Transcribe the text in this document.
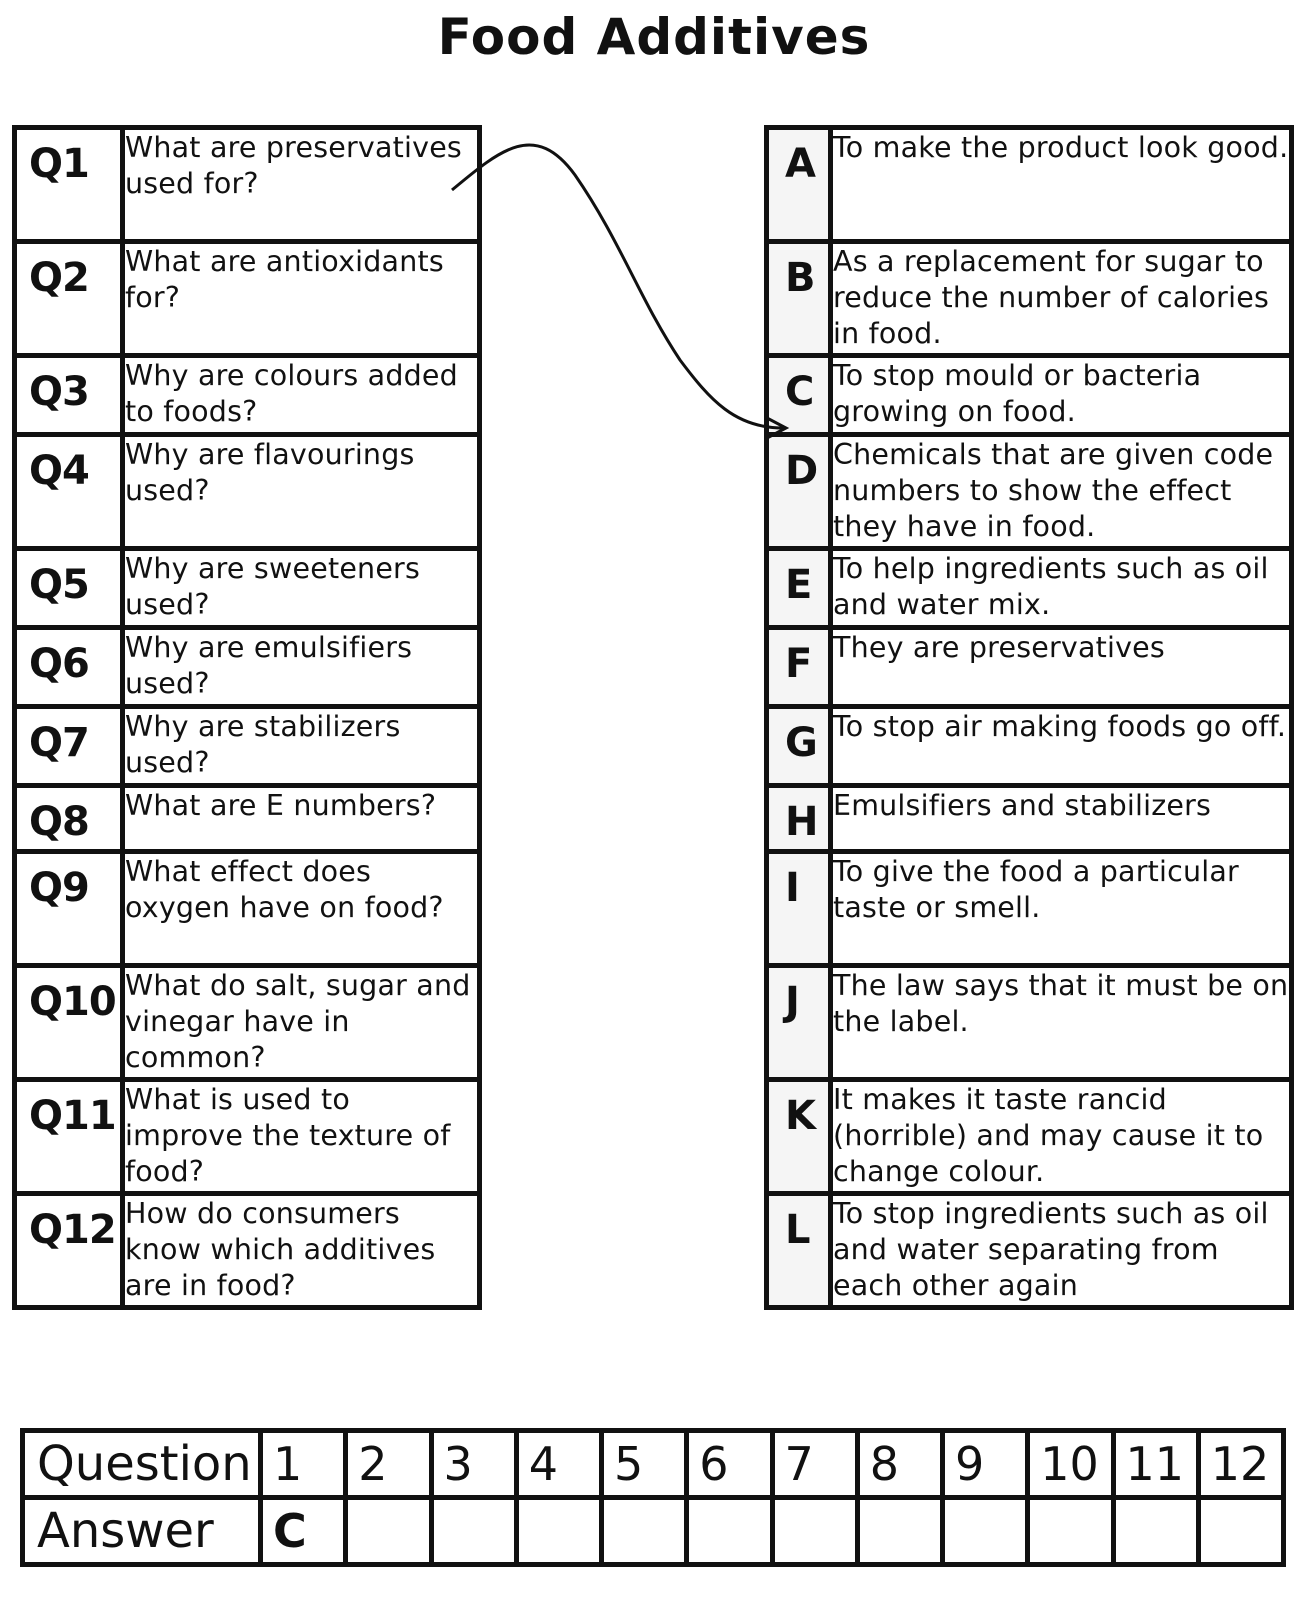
Food Additives
Q1	What are preservatives used for?
Q2	What are antioxidants for?
Q3	Why are colours added to foods?
Q4	Why are flavourings used?
Q5	Why are sweeteners used?
Q6	Why are emulsifiers used?
Q7	Why are stabilizers used?
Q8	What are E numbers?
Q9	What effect does oxygen have on food?
Q10	What do salt, sugar and vinegar have in common?
Q11	What is used to improve the texture of food?
Q12	How do consumers know which additives are in food?
A	To make the product look good.
B	As a replacement for sugar to reduce the number of calories in food.
C	To stop mould or bacteria growing on food.
D	Chemicals that are given code numbers to show the effect they have in food.
E	To help ingredients such as oil and water mix.
F	They are preservatives
G	To stop air making foods go off.
H	Emulsifiers and stabilizers
I	To give the food a particular taste or smell.
J	The law says that it must be on the label.
K	It makes it taste rancid (horrible) and may cause it to change colour.
L	To stop ingredients such as oil and water separating from each other again
Question	1	2	3	4	5	6	7	8	9	10	11	12
Answer	C											
